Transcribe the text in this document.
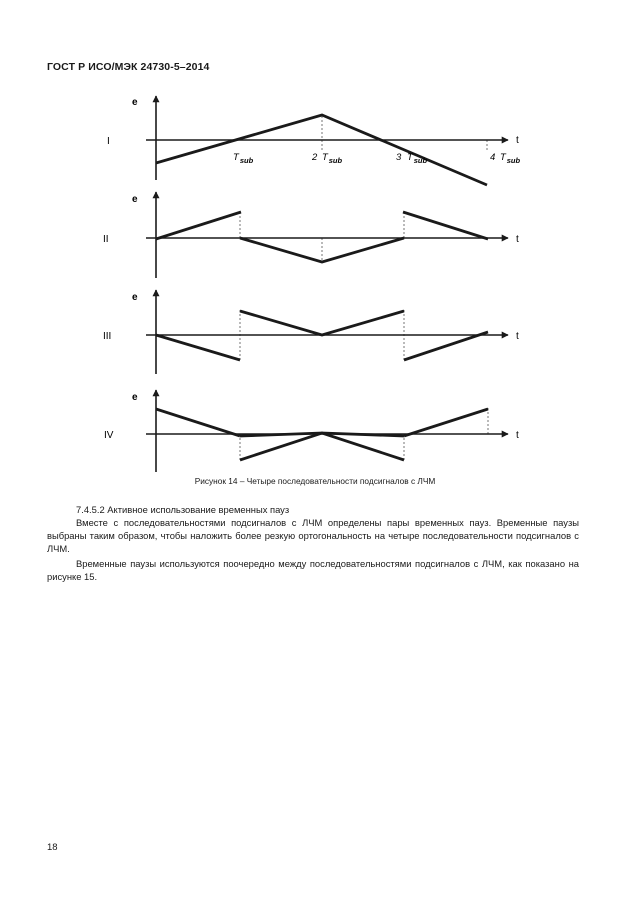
ГОСТ Р ИСО/МЭК 24730-5–2014
e
t
I
$T_{sub}$	2 $T_{sub}$	3 $T_{sub}$	4 $T_{sub}$
e
t
II
e
t
III
e
t
IV
Рисунок 14 – Четыре последовательности подсигналов с ЛЧМ
7.4.5.2 Активное использование временных пауз
Вместе с последовательностями подсигналов с ЛЧМ определены пары временных пауз. Временные паузы выбраны таким образом, чтобы наложить более резкую ортогональность на четыре последовательности подсигналов с ЛЧМ.
Временные паузы используются поочередно между последовательностями подсигналов с ЛЧМ, как показано на рисунке 15.
18
